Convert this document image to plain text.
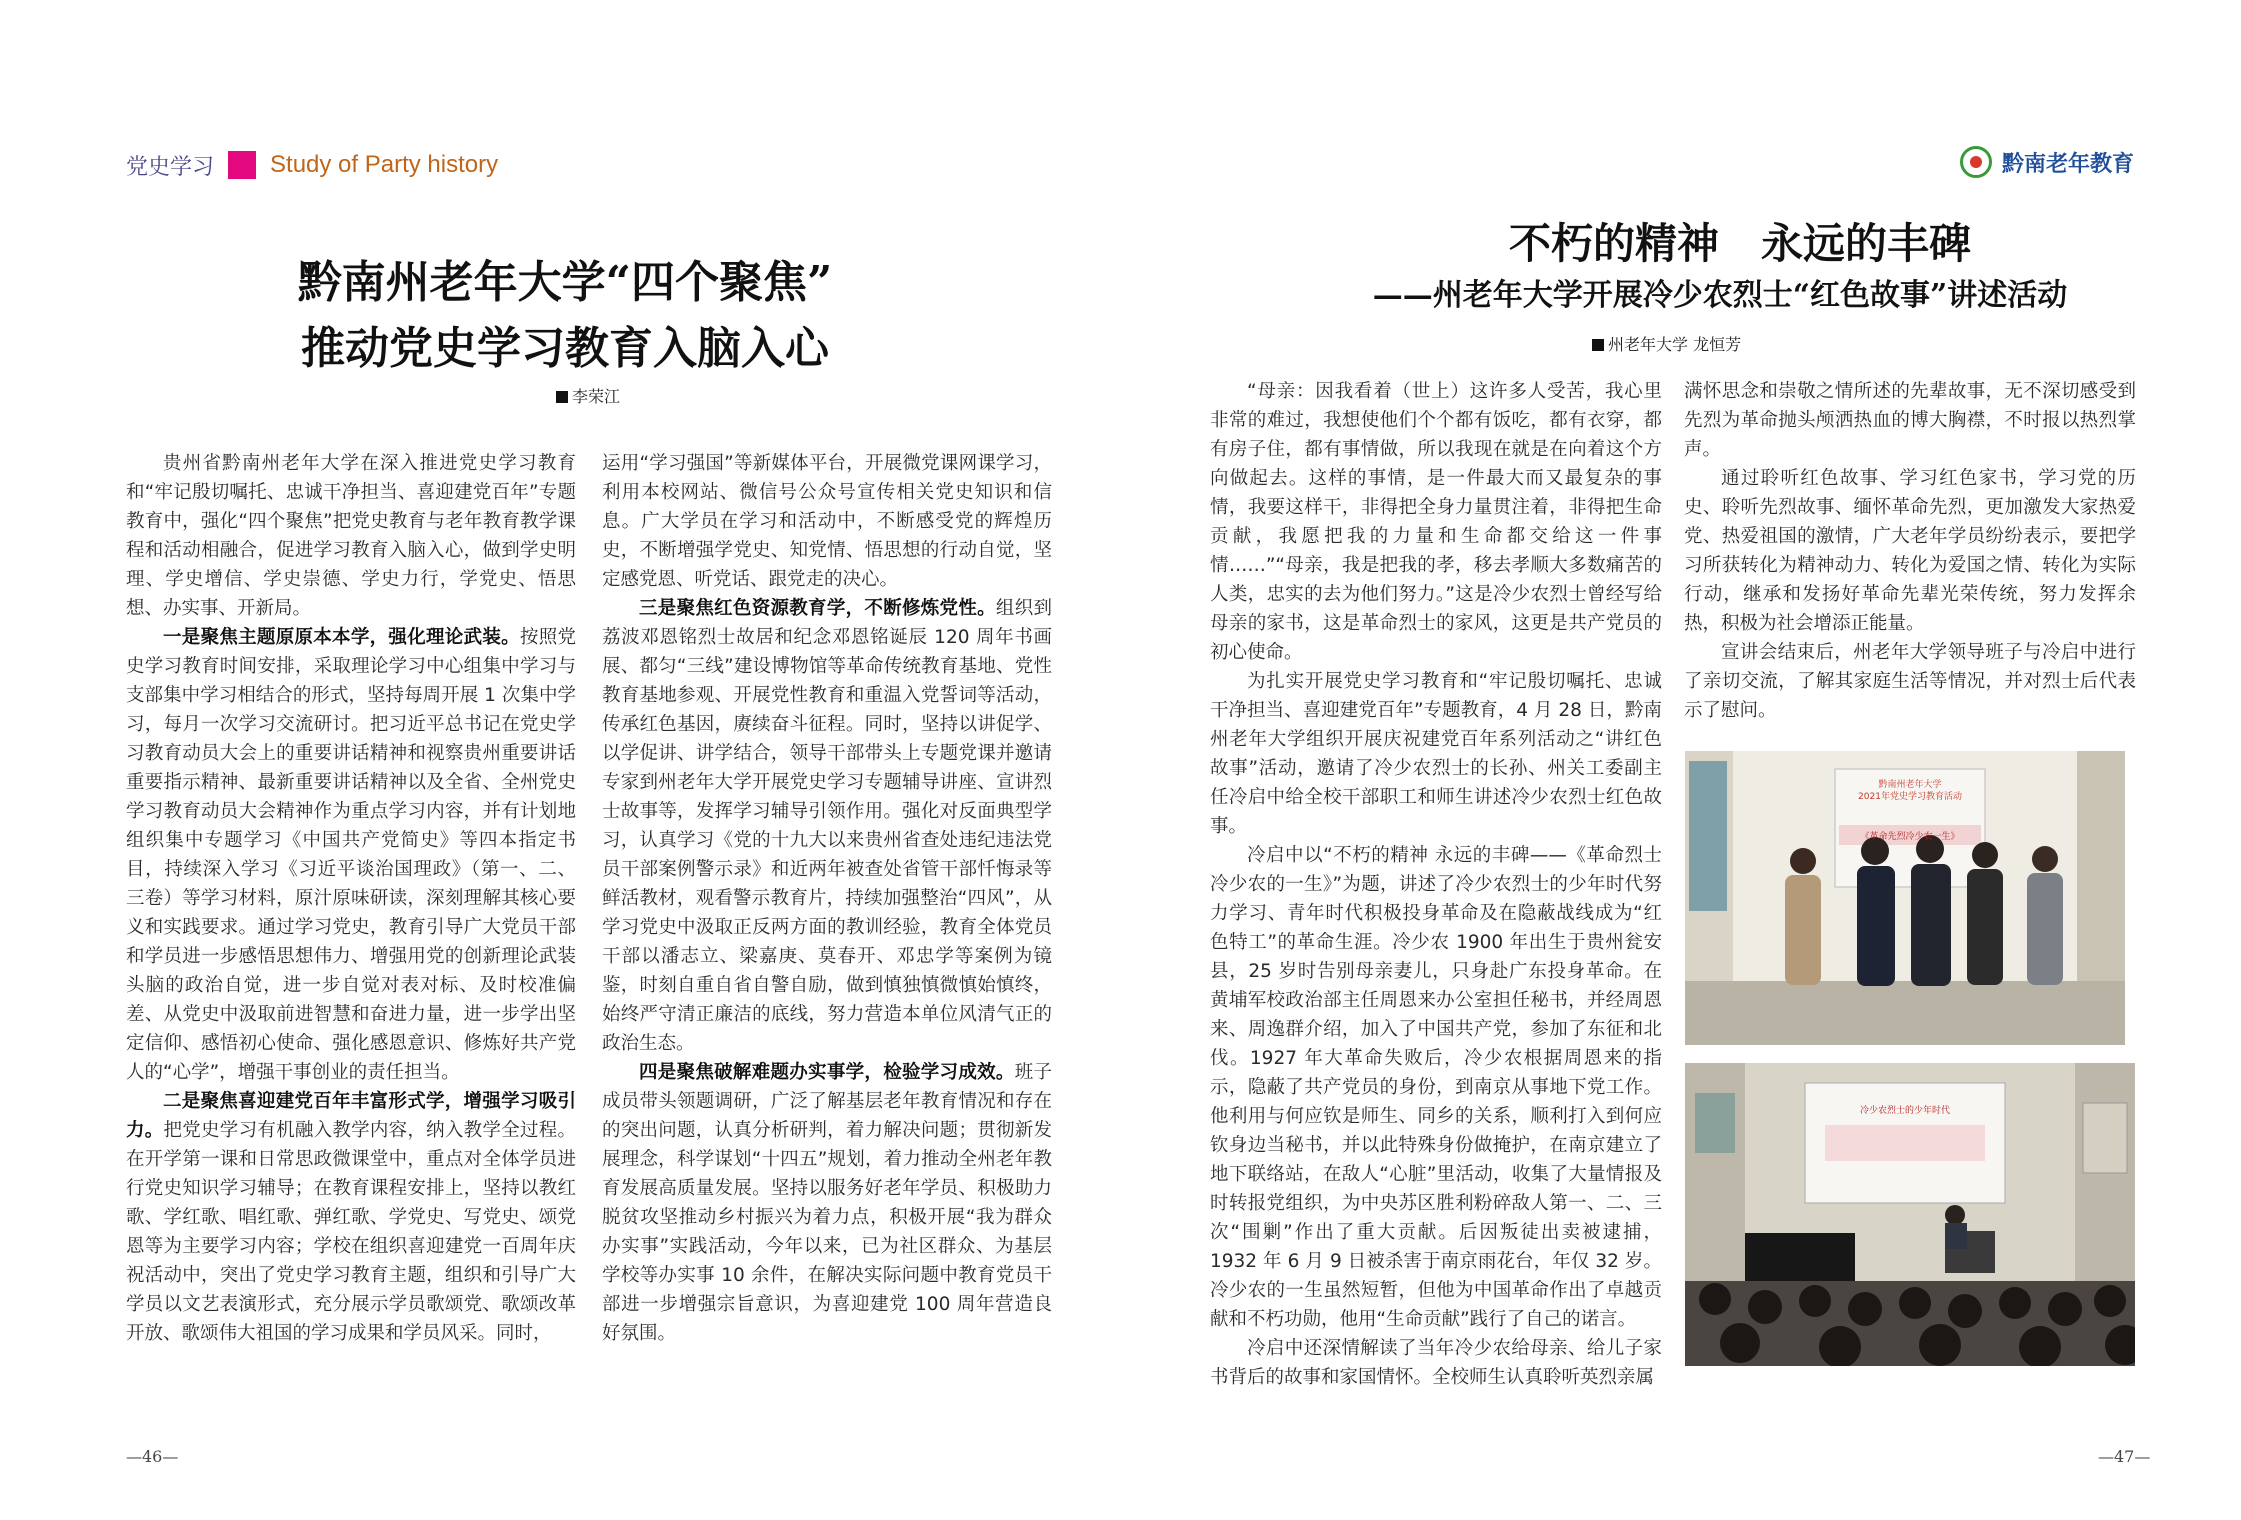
党史学习 Study of Party history	黔南老年教育
黔南州老年大学“四个聚焦”
推动党史学习教育入脑入心
李荣江

贵州省黔南州老年大学在深入推进党史学习教育和“牢记殷切嘱托、忠诚干净担当、喜迎建党百年”专题教育中，强化“四个聚焦”把党史教育与老年教育教学课程和活动相融合，促进学习教育入脑入心，做到学史明理、学史增信、学史崇德、学史力行，学党史、悟思想、办实事、开新局。

一是聚焦主题原原本本学，强化理论武装。按照党史学习教育时间安排，采取理论学习中心组集中学习与支部集中学习相结合的形式，坚持每周开展 1 次集中学习，每月一次学习交流研讨。把习近平总书记在党史学习教育动员大会上的重要讲话精神和视察贵州重要讲话重要指示精神、最新重要讲话精神以及全省、全州党史学习教育动员大会精神作为重点学习内容，并有计划地组织集中专题学习《中国共产党简史》等四本指定书目，持续深入学习《习近平谈治国理政》（第一、二、三卷）等学习材料，原汁原味研读，深刻理解其核心要义和实践要求。通过学习党史，教育引导广大党员干部和学员进一步感悟思想伟力、增强用党的创新理论武装头脑的政治自觉，进一步自觉对表对标、及时校准偏差、从党史中汲取前进智慧和奋进力量，进一步学出坚定信仰、感悟初心使命、强化感恩意识、修炼好共产党人的“心学”，增强干事创业的责任担当。

二是聚焦喜迎建党百年丰富形式学，增强学习吸引力。把党史学习有机融入教学内容，纳入教学全过程。在开学第一课和日常思政微课堂中，重点对全体学员进行党史知识学习辅导；在教育课程安排上，坚持以教红歌、学红歌、唱红歌、弹红歌、学党史、写党史、颂党恩等为主要学习内容；学校在组织喜迎建党一百周年庆祝活动中，突出了党史学习教育主题，组织和引导广大学员以文艺表演形式，充分展示学员歌颂党、歌颂改革开放、歌颂伟大祖国的学习成果和学员风采。同时，

运用“学习强国”等新媒体平台，开展微党课网课学习，利用本校网站、微信号公众号宣传相关党史知识和信息。广大学员在学习和活动中，不断感受党的辉煌历史，不断增强学党史、知党情、悟思想的行动自觉，坚定感党恩、听党话、跟党走的决心。

三是聚焦红色资源教育学，不断修炼党性。组织到荔波邓恩铭烈士故居和纪念邓恩铭诞辰 120 周年书画展、都匀“三线”建设博物馆等革命传统教育基地、党性教育基地参观、开展党性教育和重温入党誓词等活动，传承红色基因，赓续奋斗征程。同时，坚持以讲促学、以学促讲、讲学结合，领导干部带头上专题党课并邀请专家到州老年大学开展党史学习专题辅导讲座、宣讲烈士故事等，发挥学习辅导引领作用。强化对反面典型学习，认真学习《党的十九大以来贵州省查处违纪违法党员干部案例警示录》和近两年被查处省管干部忏悔录等鲜活教材，观看警示教育片，持续加强整治“四风”，从学习党史中汲取正反两方面的教训经验，教育全体党员干部以潘志立、梁嘉庚、莫春开、邓忠学等案例为镜鉴，时刻自重自省自警自励，做到慎独慎微慎始慎终，始终严守清正廉洁的底线，努力营造本单位风清气正的政治生态。

四是聚焦破解难题办实事学，检验学习成效。班子成员带头领题调研，广泛了解基层老年教育情况和存在的突出问题，认真分析研判，着力解决问题；贯彻新发展理念，科学谋划“十四五”规划，着力推动全州老年教育发展高质量发展。坚持以服务好老年学员、积极助力脱贫攻坚推动乡村振兴为着力点，积极开展“我为群众办实事”实践活动，今年以来，已为社区群众、为基层学校等办实事 10 余件，在解决实际问题中教育党员干部进一步增强宗旨意识，为喜迎建党 100 周年营造良好氛围。

不朽的精神　永远的丰碑
——州老年大学开展冷少农烈士“红色故事”讲述活动
州老年大学 龙恒芳

“母亲：因我看着（世上）这许多人受苦，我心里非常的难过，我想使他们个个都有饭吃，都有衣穿，都有房子住，都有事情做，所以我现在就是在向着这个方向做起去。这样的事情，是一件最大而又最复杂的事情，我要这样干，非得把全身力量贯注着，非得把生命贡献，我愿把我的力量和生命都交给这一件事情……”“母亲，我是把我的孝，移去孝顺大多数痛苦的人类，忠实的去为他们努力。”这是冷少农烈士曾经写给母亲的家书，这是革命烈士的家风，这更是共产党员的初心使命。

为扎实开展党史学习教育和“牢记殷切嘱托、忠诚干净担当、喜迎建党百年”专题教育，4 月 28 日，黔南州老年大学组织开展庆祝建党百年系列活动之“讲红色故事”活动，邀请了冷少农烈士的长孙、州关工委副主任冷启中给全校干部职工和师生讲述冷少农烈士红色故事。

冷启中以“不朽的精神 永远的丰碑——《革命烈士冷少农的一生》”为题，讲述了冷少农烈士的少年时代努力学习、青年时代积极投身革命及在隐蔽战线成为“红色特工”的革命生涯。冷少农 1900 年出生于贵州瓮安县，25 岁时告别母亲妻儿，只身赴广东投身革命。在黄埔军校政治部主任周恩来办公室担任秘书，并经周恩来、周逸群介绍，加入了中国共产党，参加了东征和北伐。1927 年大革命失败后，冷少农根据周恩来的指示，隐蔽了共产党员的身份，到南京从事地下党工作。他利用与何应钦是师生、同乡的关系，顺利打入到何应钦身边当秘书，并以此特殊身份做掩护，在南京建立了地下联络站，在敌人“心脏”里活动，收集了大量情报及时转报党组织，为中央苏区胜利粉碎敌人第一、二、三次“围剿”作出了重大贡献。后因叛徒出卖被逮捕，1932 年 6 月 9 日被杀害于南京雨花台，年仅 32 岁。冷少农的一生虽然短暂，但他为中国革命作出了卓越贡献和不朽功勋，他用“生命贡献”践行了自己的诺言。

冷启中还深情解读了当年冷少农给母亲、给儿子家书背后的故事和家国情怀。全校师生认真聆听英烈亲属

满怀思念和崇敬之情所述的先辈故事，无不深切感受到先烈为革命抛头颅洒热血的博大胸襟，不时报以热烈掌声。

通过聆听红色故事、学习红色家书，学习党的历史、聆听先烈故事、缅怀革命先烈，更加激发大家热爱党、热爱祖国的激情，广大老年学员纷纷表示，要把学习所获转化为精神动力、转化为爱国之情、转化为实际行动，继承和发扬好革命先辈光荣传统，努力发挥余热，积极为社会增添正能量。

宣讲会结束后，州老年大学领导班子与冷启中进行了亲切交流，了解其家庭生活等情况，并对烈士后代表示了慰问。

黔南州老年大学
2021年党史学习教育活动
《革命先烈冷少农一生》
冷少农烈士的少年时代
—46—	—47—
